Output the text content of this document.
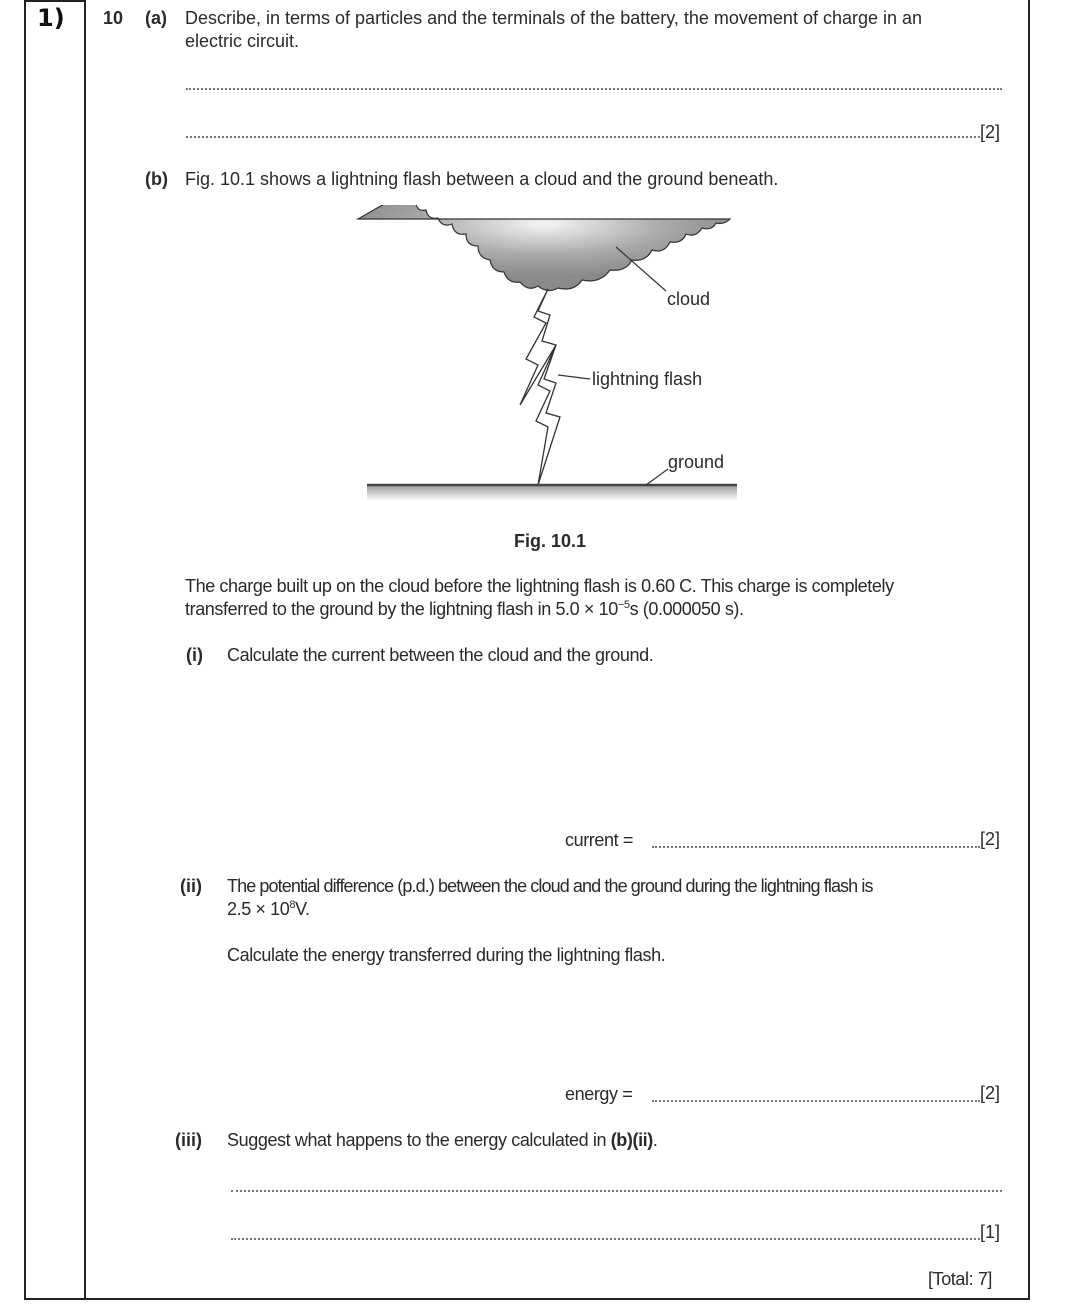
1) 10 (a) Describe, in terms of particles and the terminals of the battery, the movement of charge in an
electric circuit.
[2]
(b) Fig. 10.1 shows a lightning flash between a cloud and the ground beneath.
cloud
lightning flash
ground
Fig. 10.1
The charge built up on the cloud before the lightning flash is 0.60 C. This charge is completely
transferred to the ground by the lightning flash in $5.0 \times 10^{-5}s$ (0.000050 s).
(i) Calculate the current between the cloud and the ground.
current =	[2]
(ii) The potential difference (p.d.) between the cloud and the ground during the lightning flash is
$2.5 \times 10^8V$.
Calculate the energy transferred during the lightning flash.
energy =	[2]
(iii) Suggest what happens to the energy calculated in (b)(ii).
[1]
[Total: 7]
